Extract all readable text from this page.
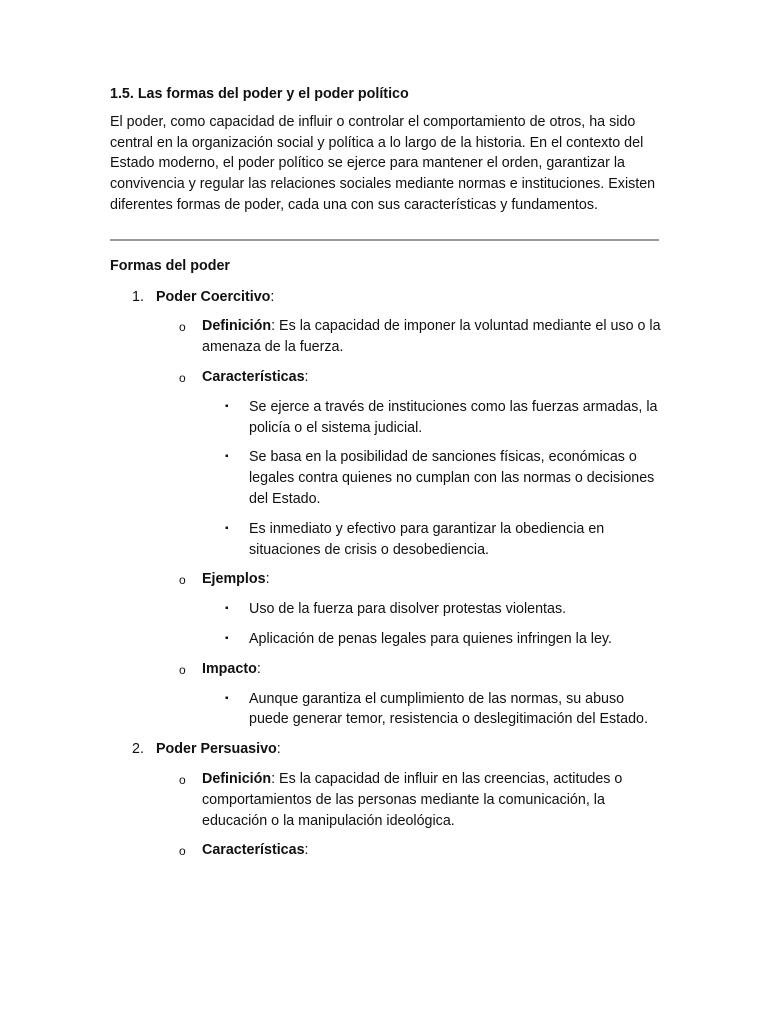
1.5. Las formas del poder y el poder político

El poder, como capacidad de influir o controlar el comportamiento de otros, ha sido central en la organización social y política a lo largo de la historia. En el contexto del Estado moderno, el poder político se ejerce para mantener el orden, garantizar la convivencia y regular las relaciones sociales mediante normas e instituciones. Existen diferentes formas de poder, cada una con sus características y fundamentos.

Formas del poder
1. Poder Coercitivo:
o Definición: Es la capacidad de imponer la voluntad mediante el uso o la amenaza de la fuerza.
o Características:
▪ Se ejerce a través de instituciones como las fuerzas armadas, la policía o el sistema judicial.
▪ Se basa en la posibilidad de sanciones físicas, económicas o legales contra quienes no cumplan con las normas o decisiones del Estado.
▪ Es inmediato y efectivo para garantizar la obediencia en situaciones de crisis o desobediencia.
o Ejemplos:
▪ Uso de la fuerza para disolver protestas violentas.
▪ Aplicación de penas legales para quienes infringen la ley.
o Impacto:
▪ Aunque garantiza el cumplimiento de las normas, su abuso puede generar temor, resistencia o deslegitimación del Estado.
2. Poder Persuasivo:
o Definición: Es la capacidad de influir en las creencias, actitudes o comportamientos de las personas mediante la comunicación, la educación o la manipulación ideológica.
o Características:
